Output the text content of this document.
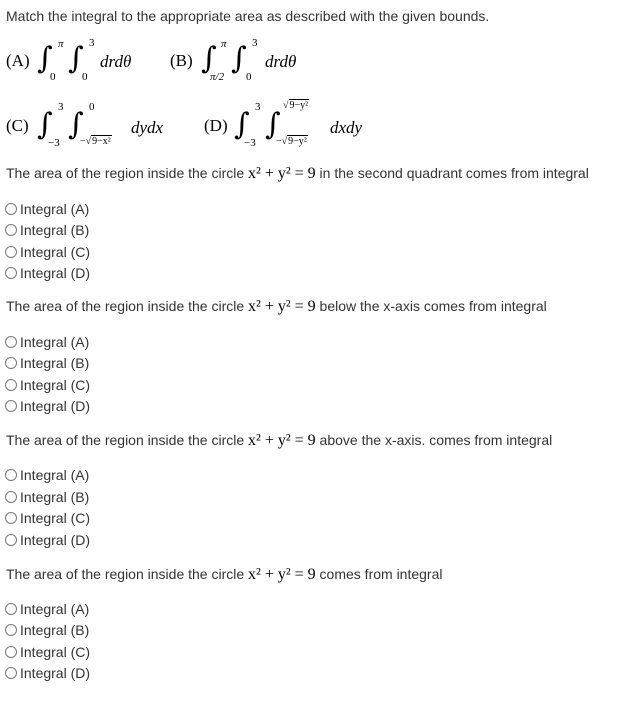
Match the integral to the appropriate area as described with the given bounds.
(A) ∫ π
0
∫ 3
0
drdθ (B) ∫ π
π/2
∫ 3
0
drdθ
(C) ∫ 3
−3
∫ 0
−√9−x²
dydx (D) ∫ 3
−3
∫
√9−y²
−√9−y²
dxdy
The area of the region inside the circle x² + y² = 9 in the second quadrant comes from integral
Integral (A)
Integral (B)
Integral (C)
Integral (D)
The area of the region inside the circle x² + y² = 9 below the x-axis comes from integral
Integral (A)
Integral (B)
Integral (C)
Integral (D)
The area of the region inside the circle x² + y² = 9 above the x-axis. comes from integral
Integral (A)
Integral (B)
Integral (C)
Integral (D)
The area of the region inside the circle x² + y² = 9 comes from integral
Integral (A)
Integral (B)
Integral (C)
Integral (D)
